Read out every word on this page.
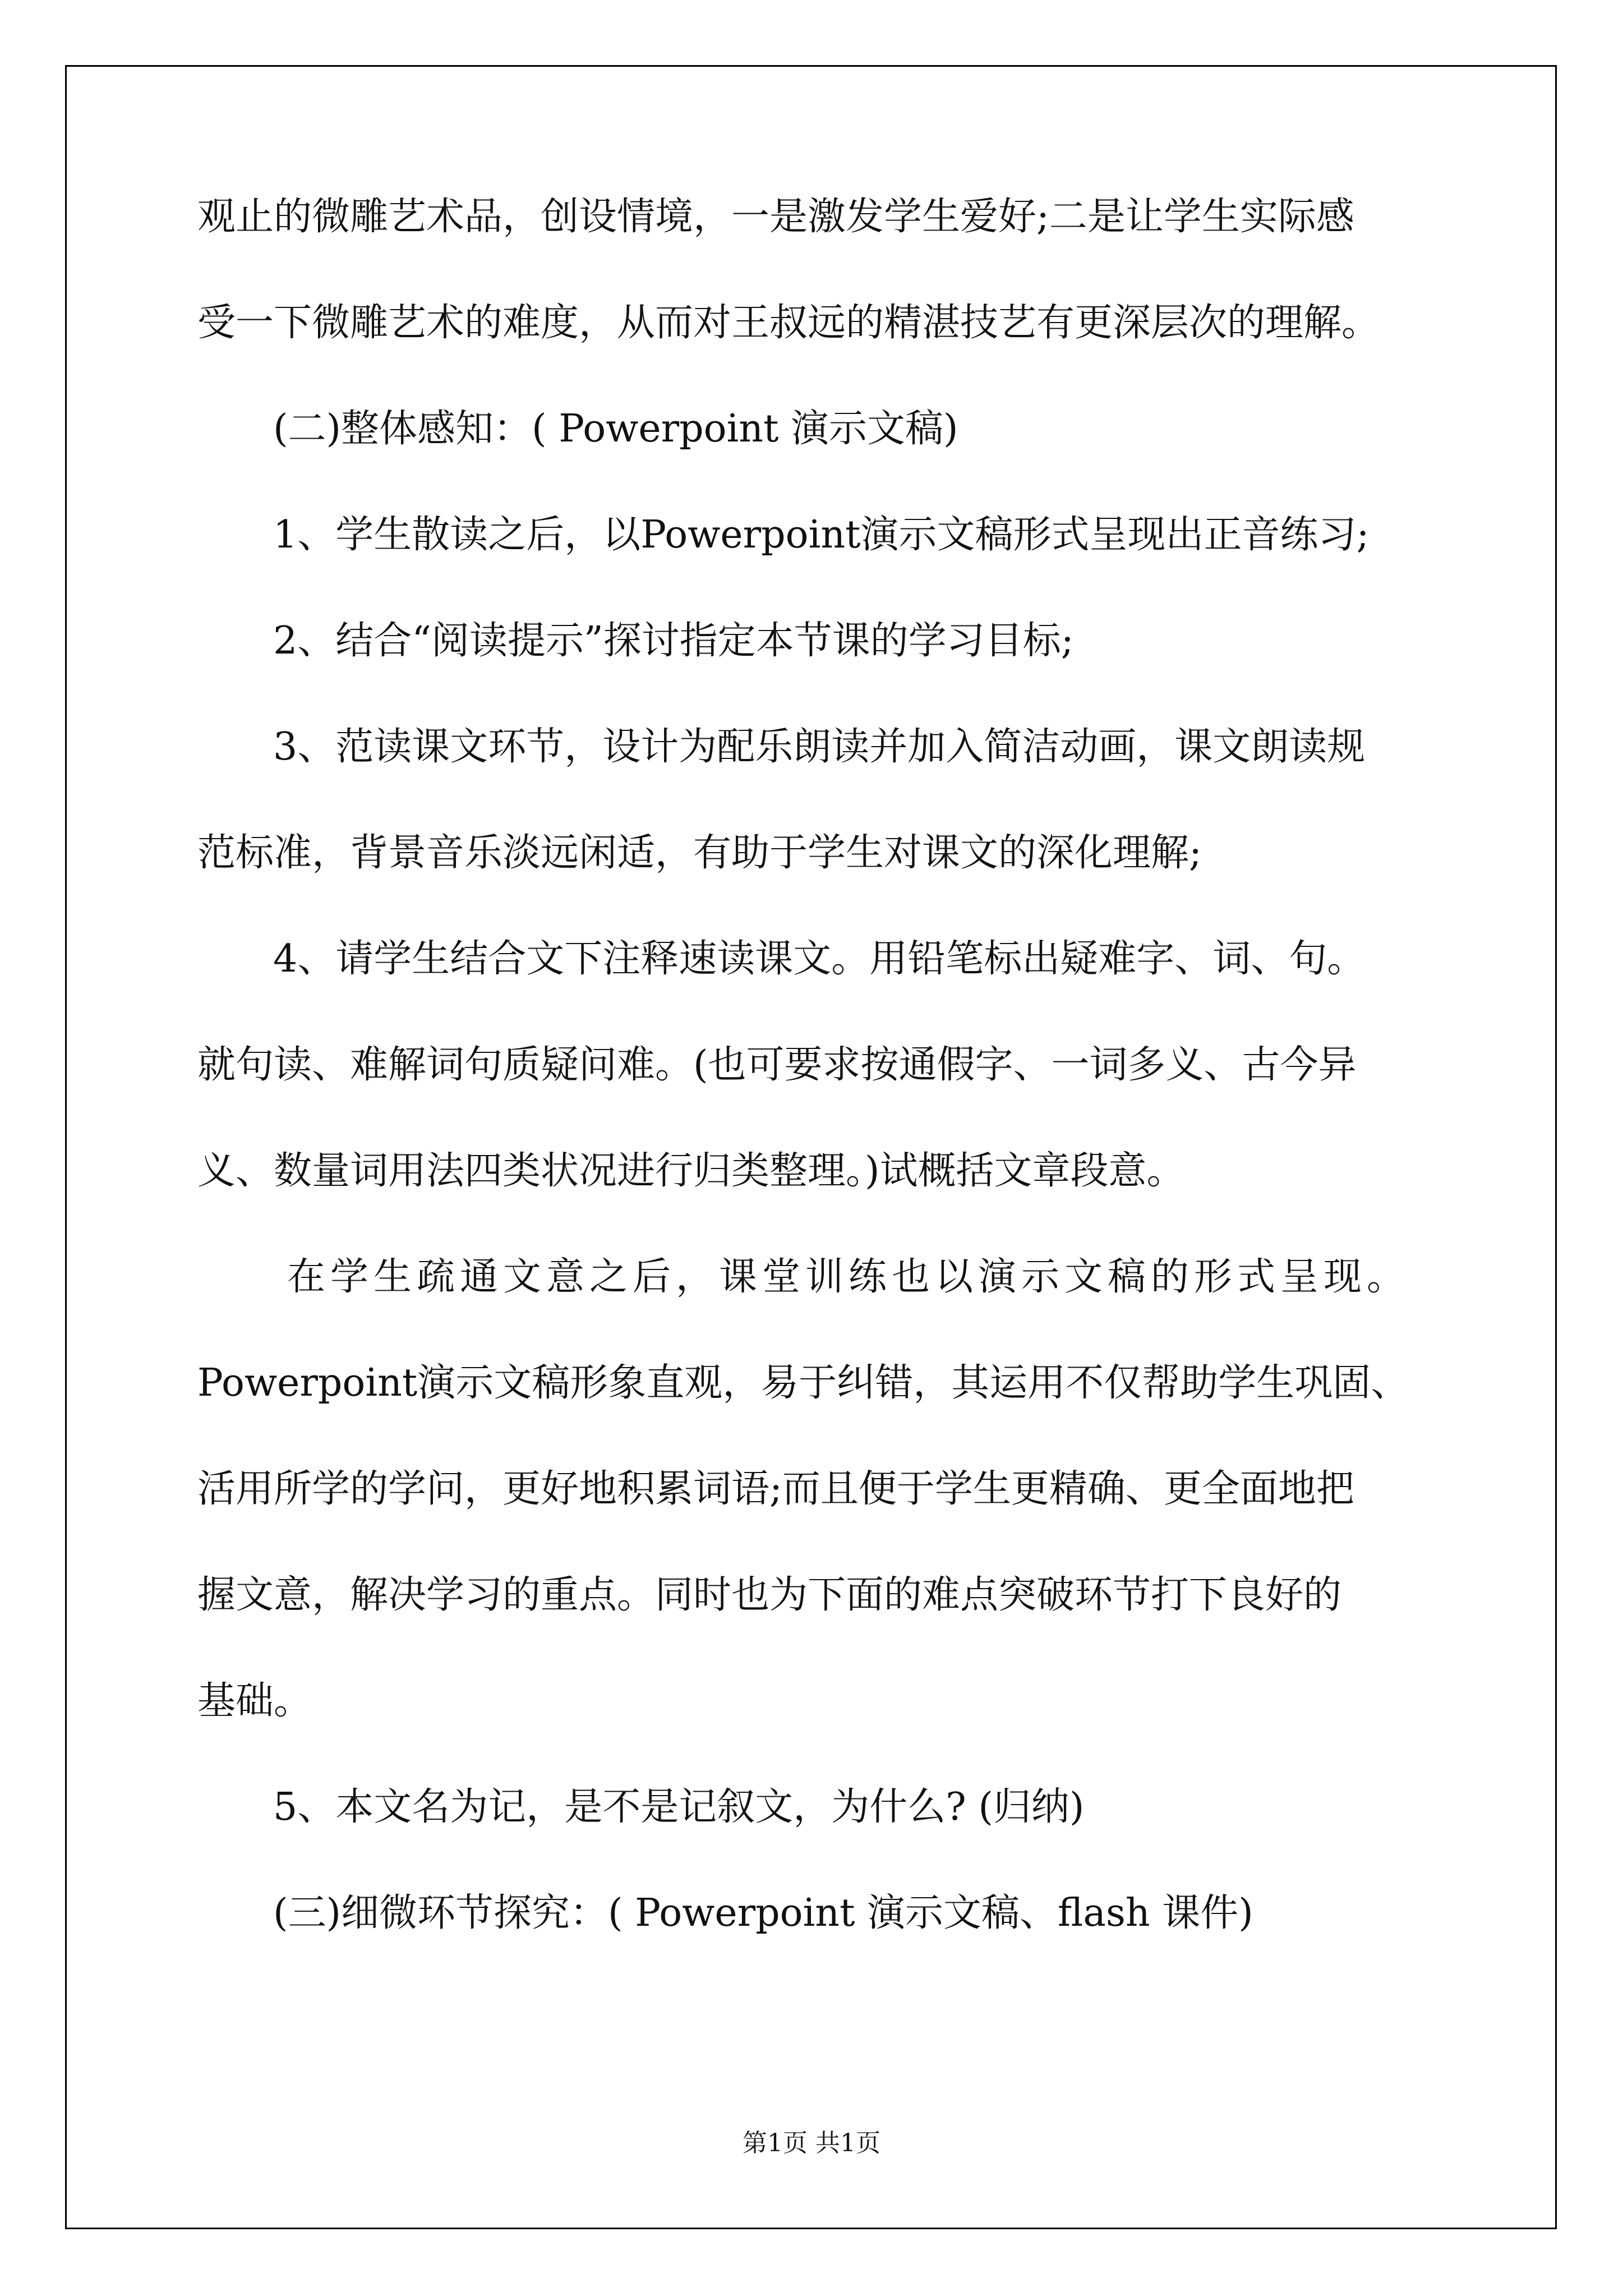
观止的微雕艺术品，创设情境，一是激发学生爱好;二是让学生实际感

受一下微雕艺术的难度，从而对王叔远的精湛技艺有更深层次的理解。

(二)整体感知：( Powerpoint 演示文稿)

1、学生散读之后，以Powerpoint演示文稿形式呈现出正音练习;

2、结合“阅读提示”探讨指定本节课的学习目标;

3、范读课文环节，设计为配乐朗读并加入简洁动画，课文朗读规

范标准，背景音乐淡远闲适，有助于学生对课文的深化理解;

4、请学生结合文下注释速读课文。用铅笔标出疑难字、词、句。

就句读、难解词句质疑问难。(也可要求按通假字、一词多义、古今异

义、数量词用法四类状况进行归类整理。)试概括文章段意。

在学生疏通文意之后，课堂训练也以演示文稿的形式呈现。

Powerpoint演示文稿形象直观，易于纠错，其运用不仅帮助学生巩固、

活用所学的学问，更好地积累词语;而且便于学生更精确、更全面地把

握文意，解决学习的重点。同时也为下面的难点突破环节打下良好的

基础。

5、本文名为记，是不是记叙文，为什么? (归纳)

(三)细微环节探究：( Powerpoint 演示文稿、flash 课件)

第1页 共1页
